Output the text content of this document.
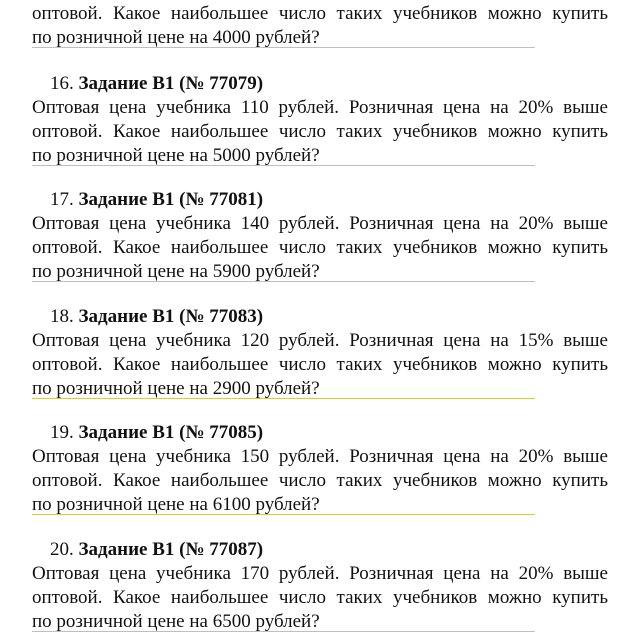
оптовой. Какое наибольшее число таких учебников можно купить
по розничной цене на 4000 рублей?
16. Задание B1 (№ 77079)
Оптовая цена учебника 110 рублей. Розничная цена на 20% выше
оптовой. Какое наибольшее число таких учебников можно купить
по розничной цене на 5000 рублей?
17. Задание B1 (№ 77081)
Оптовая цена учебника 140 рублей. Розничная цена на 20% выше
оптовой. Какое наибольшее число таких учебников можно купить
по розничной цене на 5900 рублей?
18. Задание B1 (№ 77083)
Оптовая цена учебника 120 рублей. Розничная цена на 15% выше
оптовой. Какое наибольшее число таких учебников можно купить
по розничной цене на 2900 рублей?
19. Задание B1 (№ 77085)
Оптовая цена учебника 150 рублей. Розничная цена на 20% выше
оптовой. Какое наибольшее число таких учебников можно купить
по розничной цене на 6100 рублей?
20. Задание B1 (№ 77087)
Оптовая цена учебника 170 рублей. Розничная цена на 20% выше
оптовой. Какое наибольшее число таких учебников можно купить
по розничной цене на 6500 рублей?
